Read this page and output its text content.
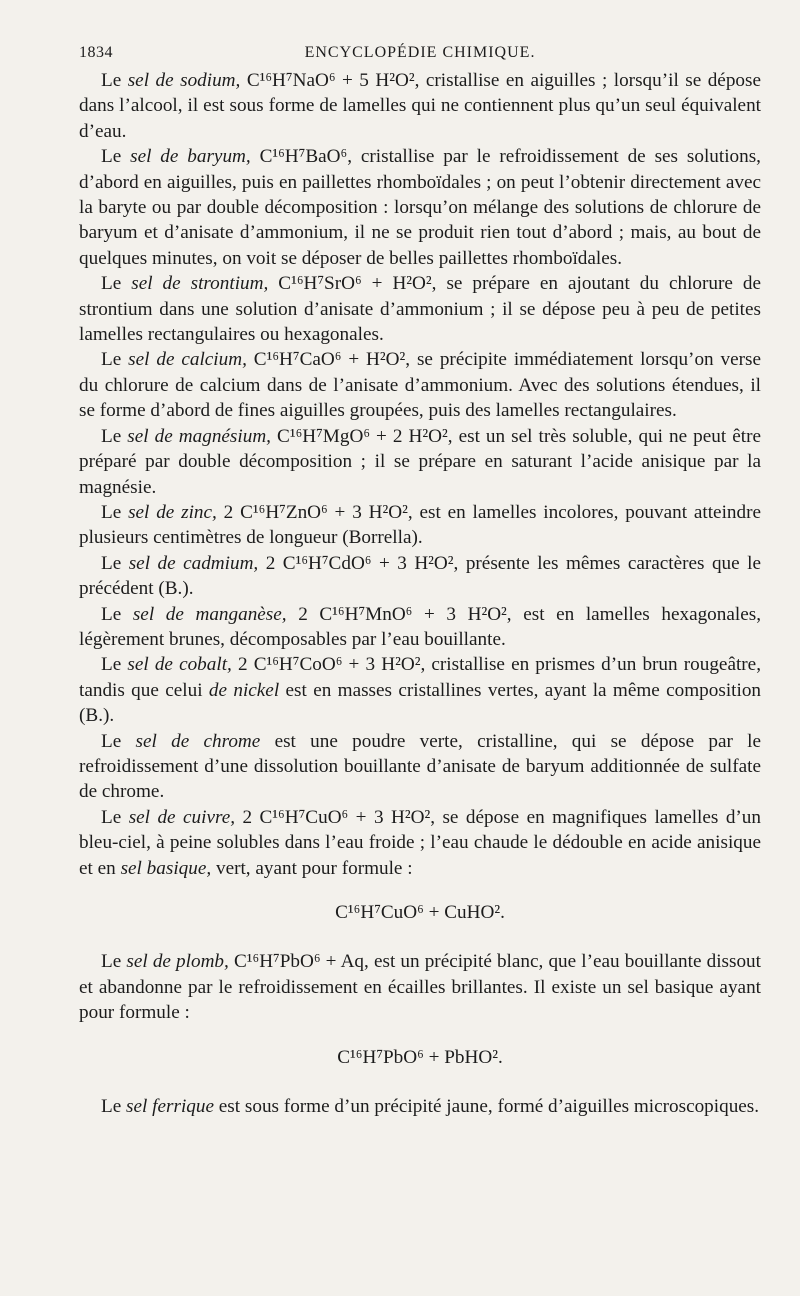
1834	ENCYCLOPÉDIE CHIMIQUE.

Le sel de sodium, C¹⁶H⁷NaO⁶ + 5 H²O², cristallise en aiguilles ; lorsqu’il se dépose dans l’alcool, il est sous forme de lamelles qui ne contiennent plus qu’un seul équivalent d’eau.

Le sel de baryum, C¹⁶H⁷BaO⁶, cristallise par le refroidissement de ses solutions, d’abord en aiguilles, puis en paillettes rhomboïdales ; on peut l’obtenir directement avec la baryte ou par double décomposition : lorsqu’on mélange des solutions de chlorure de baryum et d’anisate d’ammonium, il ne se produit rien tout d’abord ; mais, au bout de quelques minutes, on voit se déposer de belles paillettes rhomboïdales.

Le sel de strontium, C¹⁶H⁷SrO⁶ + H²O², se prépare en ajoutant du chlorure de strontium dans une solution d’anisate d’ammonium ; il se dépose peu à peu de petites lamelles rectangulaires ou hexagonales.

Le sel de calcium, C¹⁶H⁷CaO⁶ + H²O², se précipite immédiatement lorsqu’on verse du chlorure de calcium dans de l’anisate d’ammonium. Avec des solutions étendues, il se forme d’abord de fines aiguilles groupées, puis des lamelles rectangulaires.

Le sel de magnésium, C¹⁶H⁷MgO⁶ + 2 H²O², est un sel très soluble, qui ne peut être préparé par double décomposition ; il se prépare en saturant l’acide anisique par la magnésie.

Le sel de zinc, 2 C¹⁶H⁷ZnO⁶ + 3 H²O², est en lamelles incolores, pouvant atteindre plusieurs centimètres de longueur (Borrella).

Le sel de cadmium, 2 C¹⁶H⁷CdO⁶ + 3 H²O², présente les mêmes caractères que le précédent (B.).

Le sel de manganèse, 2 C¹⁶H⁷MnO⁶ + 3 H²O², est en lamelles hexagonales, légèrement brunes, décomposables par l’eau bouillante.

Le sel de cobalt, 2 C¹⁶H⁷CoO⁶ + 3 H²O², cristallise en prismes d’un brun rougeâtre, tandis que celui de nickel est en masses cristallines vertes, ayant la même composition (B.).

Le sel de chrome est une poudre verte, cristalline, qui se dépose par le refroidissement d’une dissolution bouillante d’anisate de baryum additionnée de sulfate de chrome.

Le sel de cuivre, 2 C¹⁶H⁷CuO⁶ + 3 H²O², se dépose en magnifiques lamelles d’un bleu-ciel, à peine solubles dans l’eau froide ; l’eau chaude le dédouble en acide anisique et en sel basique, vert, ayant pour formule :

C¹⁶H⁷CuO⁶ + CuHO².

Le sel de plomb, C¹⁶H⁷PbO⁶ + Aq, est un précipité blanc, que l’eau bouillante dissout et abandonne par le refroidissement en écailles brillantes. Il existe un sel basique ayant pour formule :

C¹⁶H⁷PbO⁶ + PbHO².

Le sel ferrique est sous forme d’un précipité jaune, formé d’aiguilles microscopiques.
